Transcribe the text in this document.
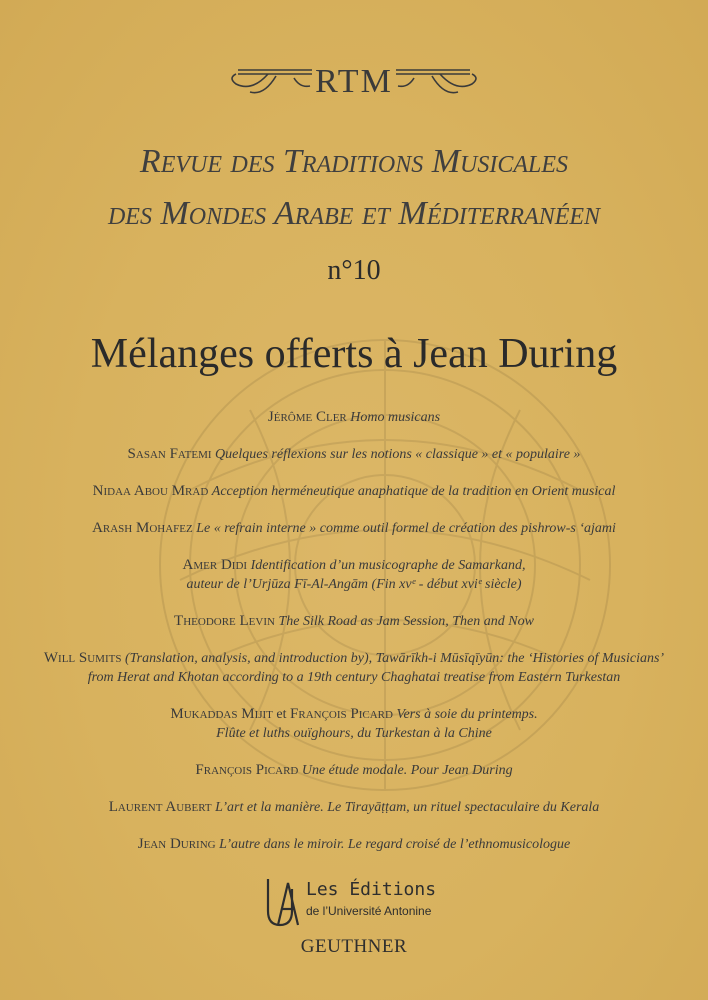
RTM
Revue des Traditions Musicales
des Mondes Arabe et Méditerranéen
n°10
Mélanges offerts à Jean During
Jérôme Cler Homo musicans
Sasan Fatemi Quelques réflexions sur les notions « classique » et « populaire »
Nidaa Abou Mrad Acception herméneutique anaphatique de la tradition en Orient musical
Arash Mohafez Le « refrain interne » comme outil formel de création des pishrow-s ‘ajami
Amer Didi Identification d’un musicographe de Samarkand,
auteur de l’Urjūza Fī-Al-Angām (Fin xvᵉ - début xviᵉ siècle)
Theodore Levin The Silk Road as Jam Session, Then and Now
Will Sumits (Translation, analysis, and introduction by), Tawārīkh-i Mūsīqīyūn: the ‘Histories of Musicians’
from Herat and Khotan according to a 19th century Chaghatai treatise from Eastern Turkestan
Mukaddas Mijit et François Picard Vers à soie du printemps.
Flûte et luths ouïghours, du Turkestan à la Chine
François Picard Une étude modale. Pour Jean During
Laurent Aubert L’art et la manière. Le Tirayāṭṭam, un rituel spectaculaire du Kerala
Jean During L’autre dans le miroir. Le regard croisé de l’ethnomusicologue
Les Éditions
de l’Université Antonine
GEUTHNER
